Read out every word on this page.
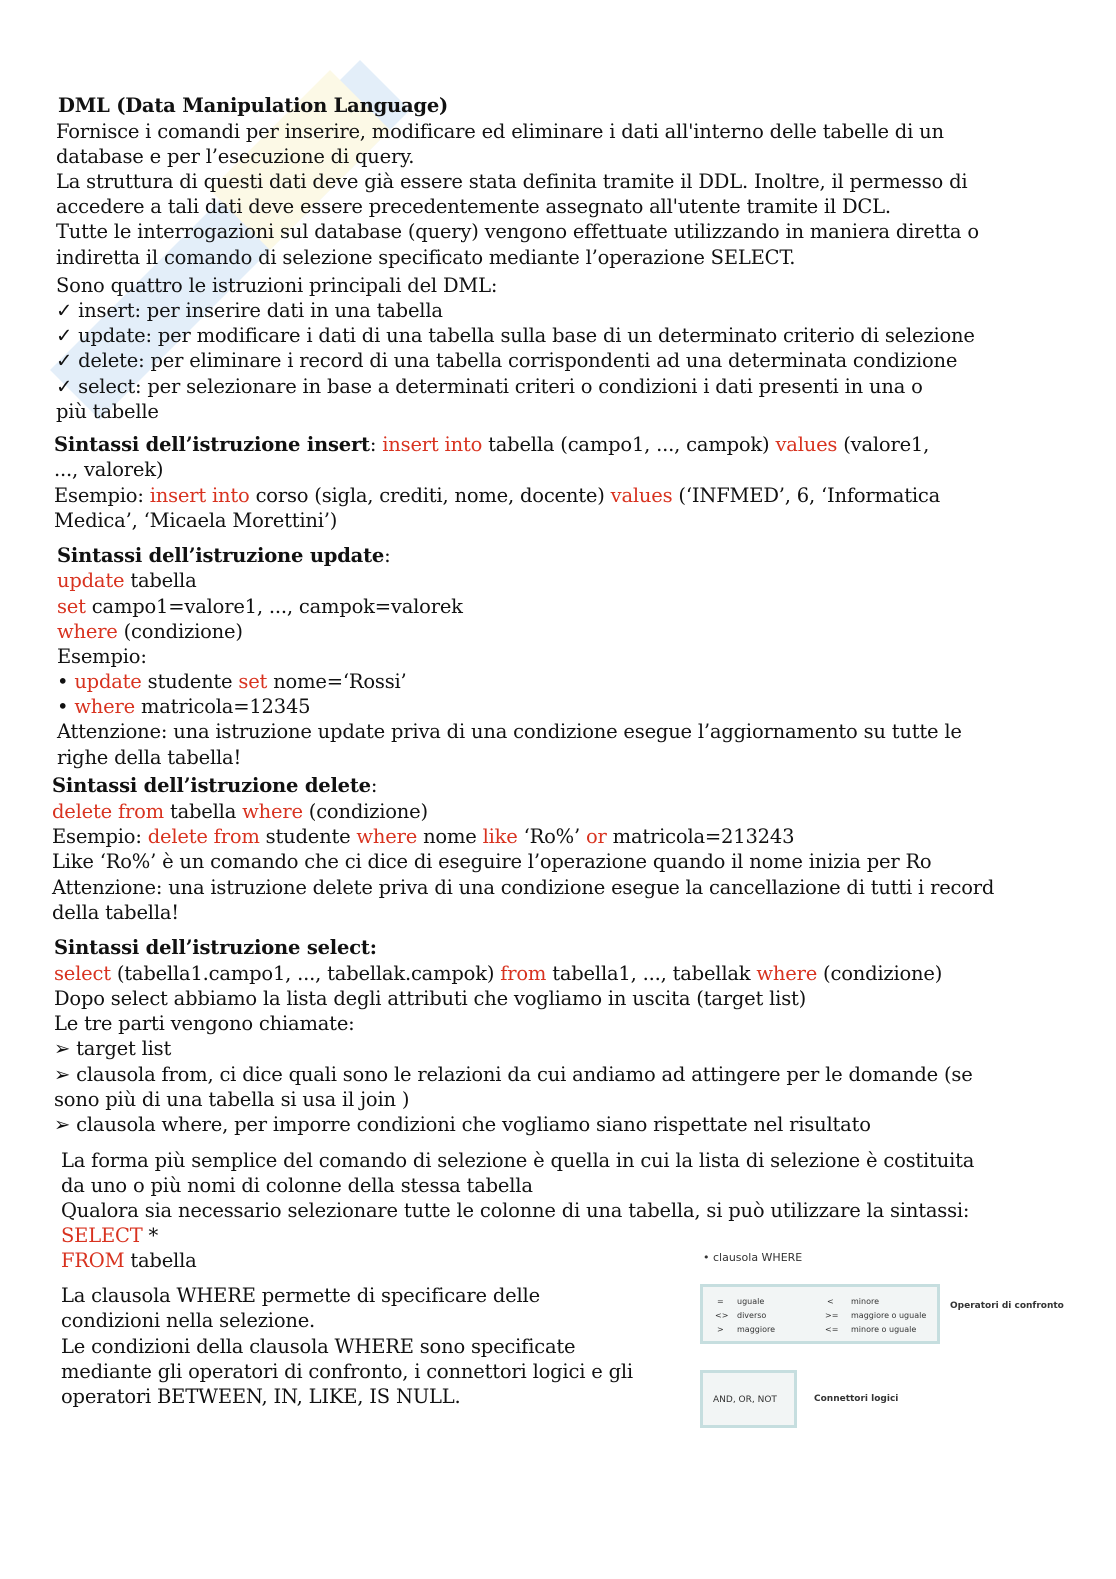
DML (Data Manipulation Language)
Fornisce i comandi per inserire, modificare ed eliminare i dati all'interno delle tabelle di un
database e per l’esecuzione di query.
La struttura di questi dati deve già essere stata definita tramite il DDL. Inoltre, il permesso di
accedere a tali dati deve essere precedentemente assegnato all'utente tramite il DCL.
Tutte le interrogazioni sul database (query) vengono effettuate utilizzando in maniera diretta o
indiretta il comando di selezione specificato mediante l’operazione SELECT.
Sono quattro le istruzioni principali del DML:
✓ insert: per inserire dati in una tabella
✓ update: per modificare i dati di una tabella sulla base di un determinato criterio di selezione
✓ delete: per eliminare i record di una tabella corrispondenti ad una determinata condizione
✓ select: per selezionare in base a determinati criteri o condizioni i dati presenti in una o
più tabelle
Sintassi dell’istruzione insert: insert into tabella (campo1, ..., campok) values (valore1,
..., valorek)
Esempio: insert into corso (sigla, crediti, nome, docente) values (‘INFMED’, 6, ‘Informatica
Medica’, ‘Micaela Morettini’)
Sintassi dell’istruzione update:
update tabella
set campo1=valore1, ..., campok=valorek
where (condizione)
Esempio:
• update studente set nome=‘Rossi’
• where matricola=12345
Attenzione: una istruzione update priva di una condizione esegue l’aggiornamento su tutte le
righe della tabella!
Sintassi dell’istruzione delete:
delete from tabella where (condizione)
Esempio: delete from studente where nome like ‘Ro%’ or matricola=213243
Like ‘Ro%’ è un comando che ci dice di eseguire l’operazione quando il nome inizia per Ro
Attenzione: una istruzione delete priva di una condizione esegue la cancellazione di tutti i record
della tabella!
Sintassi dell’istruzione select:
select (tabella1.campo1, ..., tabellak.campok) from tabella1, ..., tabellak where (condizione)
Dopo select abbiamo la lista degli attributi che vogliamo in uscita (target list)
Le tre parti vengono chiamate:
➢ target list
➢ clausola from, ci dice quali sono le relazioni da cui andiamo ad attingere per le domande (se
sono più di una tabella si usa il join )
➢ clausola where, per imporre condizioni che vogliamo siano rispettate nel risultato
La forma più semplice del comando di selezione è quella in cui la lista di selezione è costituita
da uno o più nomi di colonne della stessa tabella
Qualora sia necessario selezionare tutte le colonne di una tabella, si può utilizzare la sintassi:
SELECT *
FROM tabella
La clausola WHERE permette di specificare delle
condizioni nella selezione.
Le condizioni della clausola WHERE sono specificate
mediante gli operatori di confronto, i connettori logici e gli
operatori BETWEEN, IN, LIKE, IS NULL.
• clausola WHERE
= uguale
<> diverso
> maggiore
< minore
>= maggiore o uguale
<= minore o uguale
Operatori di confronto
AND, OR, NOT	Connettori logici
